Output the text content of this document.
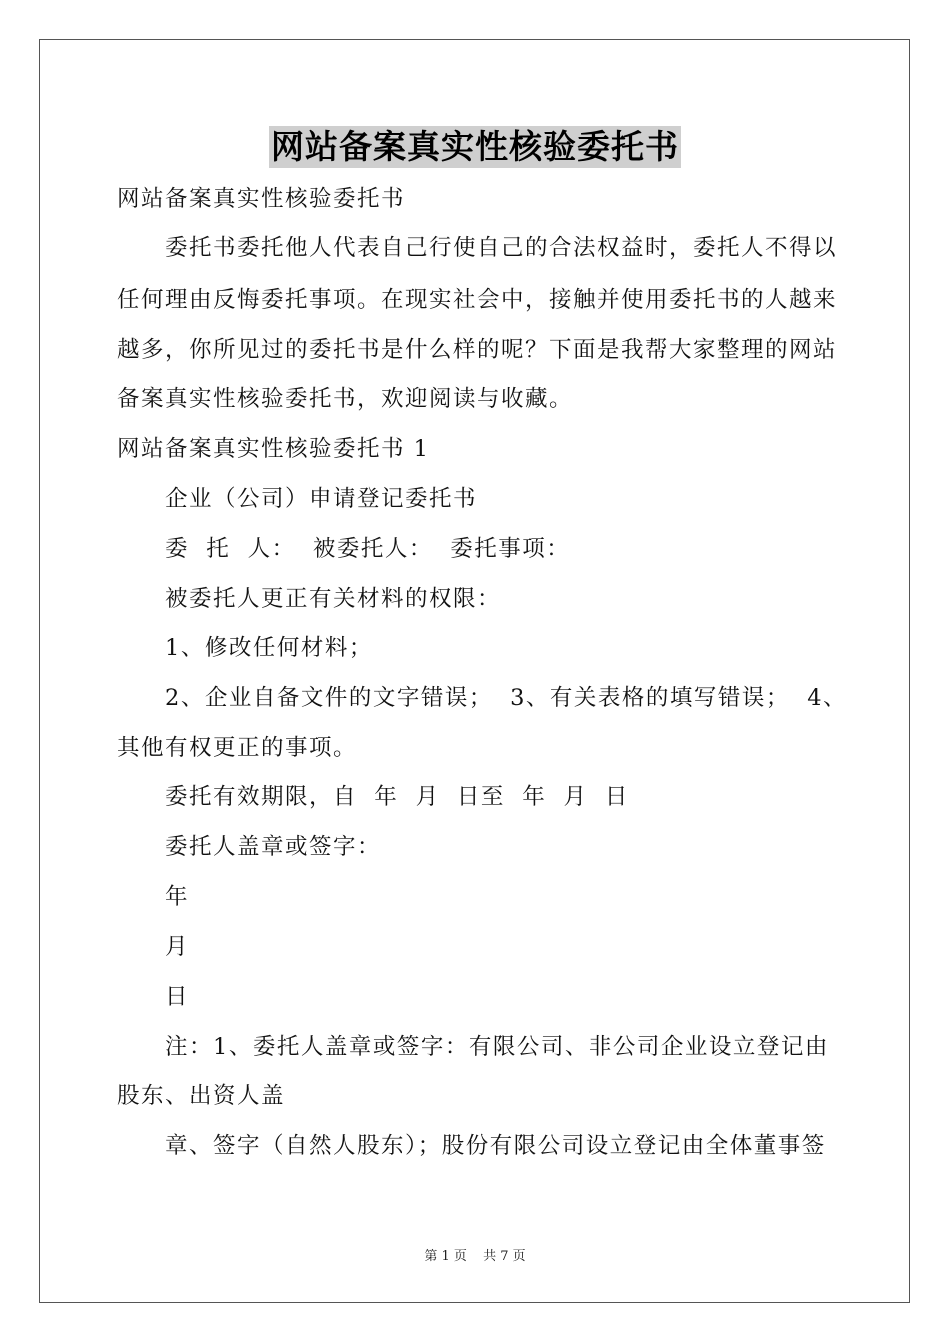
网站备案真实性核验委托书
网站备案真实性核验委托书
委托书委托他人代表自己行使自己的合法权益时，委托人不得以
任何理由反悔委托事项。在现实社会中，接触并使用委托书的人越来
越多，你所见过的委托书是什么样的呢？下面是我帮大家整理的网站
备案真实性核验委托书，欢迎阅读与收藏。
网站备案真实性核验委托书 1
企业（公司）申请登记委托书
委  托  人：  被委托人：  委托事项：
被委托人更正有关材料的权限：
1、修改任何材料；
2、企业自备文件的文字错误；  3、有关表格的填写错误；  4、
其他有权更正的事项。
委托有效期限，自  年  月  日至  年  月  日
委托人盖章或签字：
年
月
日
注：1、委托人盖章或签字：有限公司、非公司企业设立登记由
股东、出资人盖
章、签字（自然人股东）；股份有限公司设立登记由全体董事签
第 1 页 共 7 页
